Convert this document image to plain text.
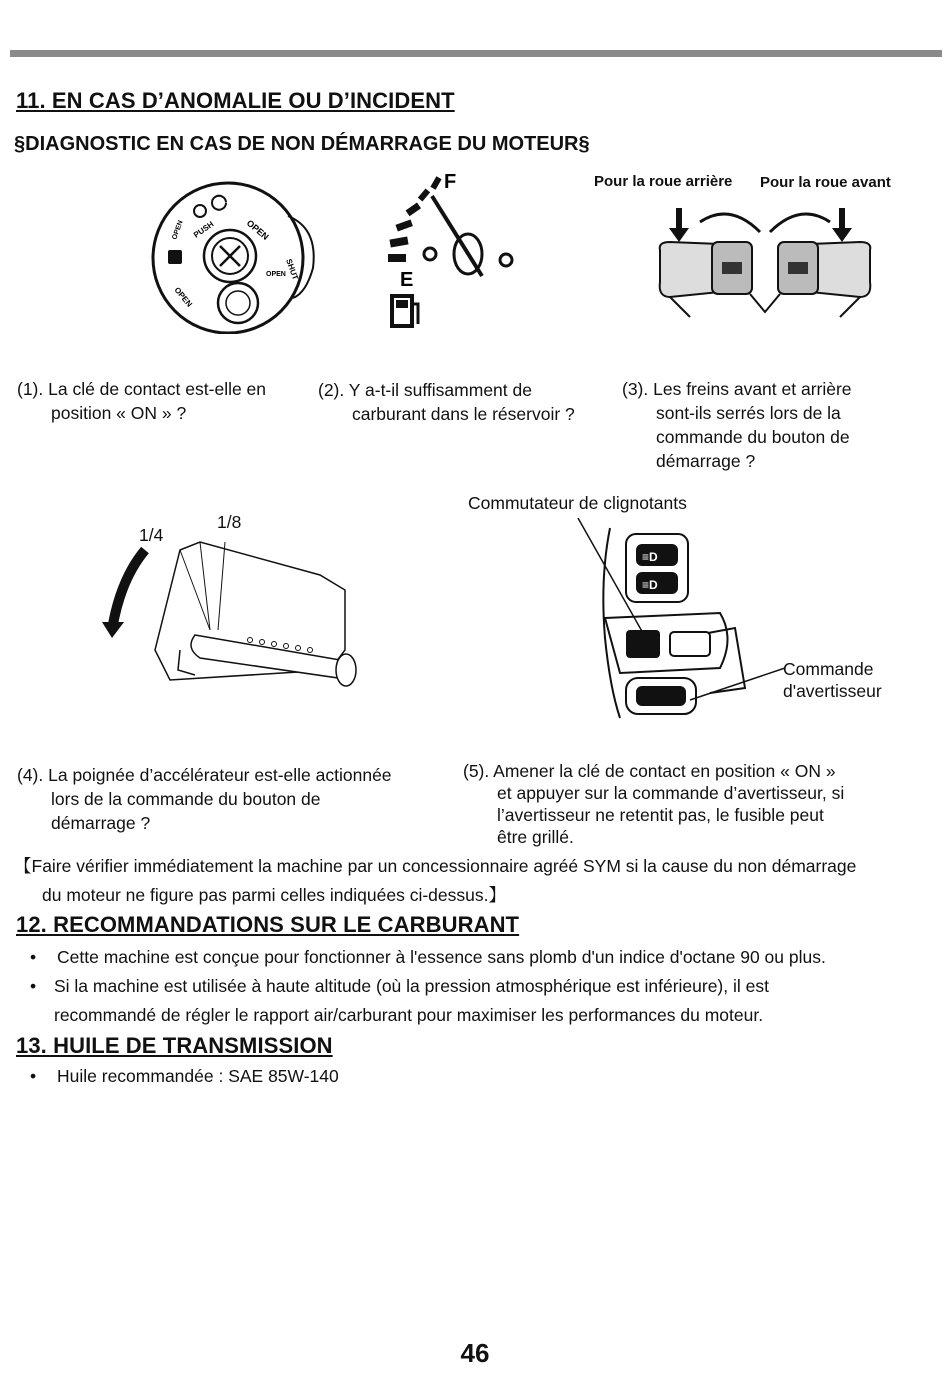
11. EN CAS D’ANOMALIE OU D’INCIDENT
§DIAGNOSTIC EN CAS DE NON DÉMARRAGE DU MOTEUR§
PUSH	OPEN
OPEN
OPEN
SHUT
OPEN
F
E
Pour la roue arrière Pour la roue avant
(1). La clé de contact est-elle en
position « ON » ?
(2). Y a-t-il suffisamment de
carburant dans le réservoir ?
(3). Les freins avant et arrière
sont-ils serrés lors de la
commande du bouton de
démarrage ?
1/4
1/8
Commutateur de clignotants
≡D
≡D
Commande
d'avertisseur
(4). La poignée d’accélérateur est-elle actionnée
lors de la commande du bouton de
démarrage ?
(5). Amener la clé de contact en position « ON »
et appuyer sur la commande d’avertisseur, si
l’avertisseur ne retentit pas, le fusible peut
être grillé.
【Faire vérifier immédiatement la machine par un concessionnaire agréé SYM si la cause du non démarrage
du moteur ne figure pas parmi celles indiquées ci-dessus.】
12. RECOMMANDATIONS SUR LE CARBURANT
• Cette machine est conçue pour fonctionner à l'essence sans plomb d'un indice d'octane 90 ou plus.
• Si la machine est utilisée à haute altitude (où la pression atmosphérique est inférieure), il est
recommandé de régler le rapport air/carburant pour maximiser les performances du moteur.
13. HUILE DE TRANSMISSION
• Huile recommandée : SAE 85W-140
46
